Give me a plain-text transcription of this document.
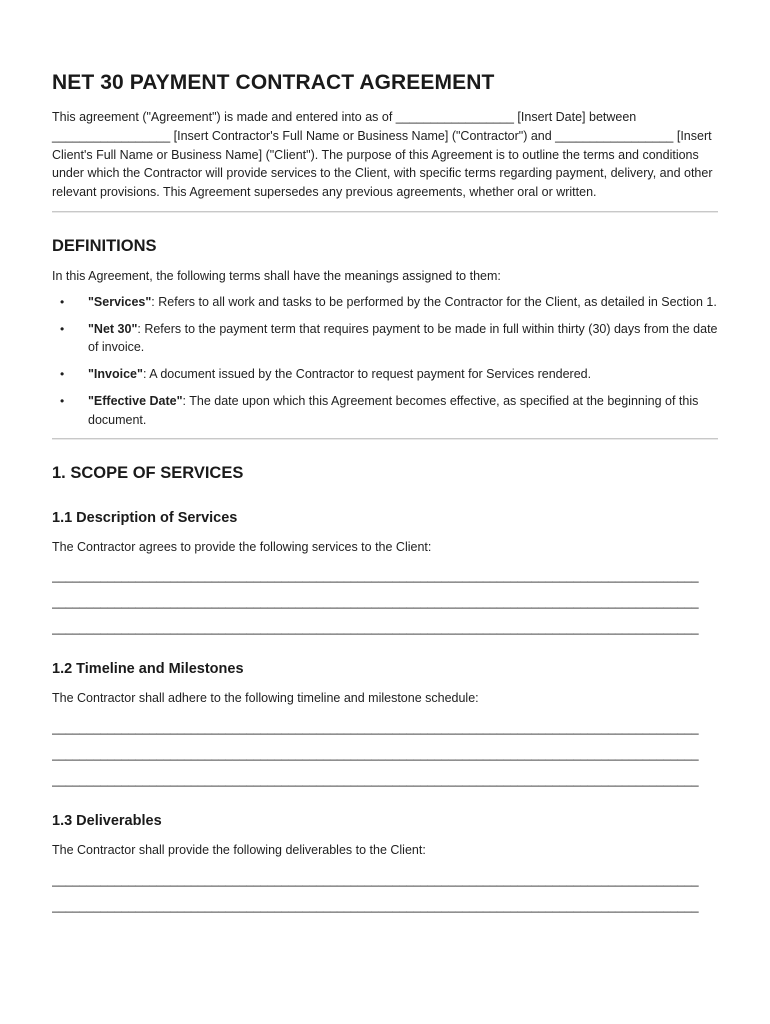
NET 30 PAYMENT CONTRACT AGREEMENT

This agreement ("Agreement") is made and entered into as of _________________ [Insert Date] between _________________ [Insert Contractor's Full Name or Business Name] ("Contractor") and _________________ [Insert Client's Full Name or Business Name] ("Client"). The purpose of this Agreement is to outline the terms and conditions under which the Contractor will provide services to the Client, with specific terms regarding payment, delivery, and other relevant provisions. This Agreement supersedes any previous agreements, whether oral or written.

DEFINITIONS

In this Agreement, the following terms shall have the meanings assigned to them:

• "Services": Refers to all work and tasks to be performed by the Contractor for the Client, as detailed in Section 1.
• "Net 30": Refers to the payment term that requires payment to be made in full within thirty (30) days from the date of invoice.
• "Invoice": A document issued by the Contractor to request payment for Services rendered.
• "Effective Date": The date upon which this Agreement becomes effective, as specified at the beginning of this document.
1. SCOPE OF SERVICES
1.1 Description of Services

The Contractor agrees to provide the following services to the Client:

_____________________________________________________________________________________________
_____________________________________________________________________________________________
_____________________________________________________________________________________________
1.2 Timeline and Milestones

The Contractor shall adhere to the following timeline and milestone schedule:

_____________________________________________________________________________________________
_____________________________________________________________________________________________
_____________________________________________________________________________________________
1.3 Deliverables

The Contractor shall provide the following deliverables to the Client:

_____________________________________________________________________________________________
_____________________________________________________________________________________________
